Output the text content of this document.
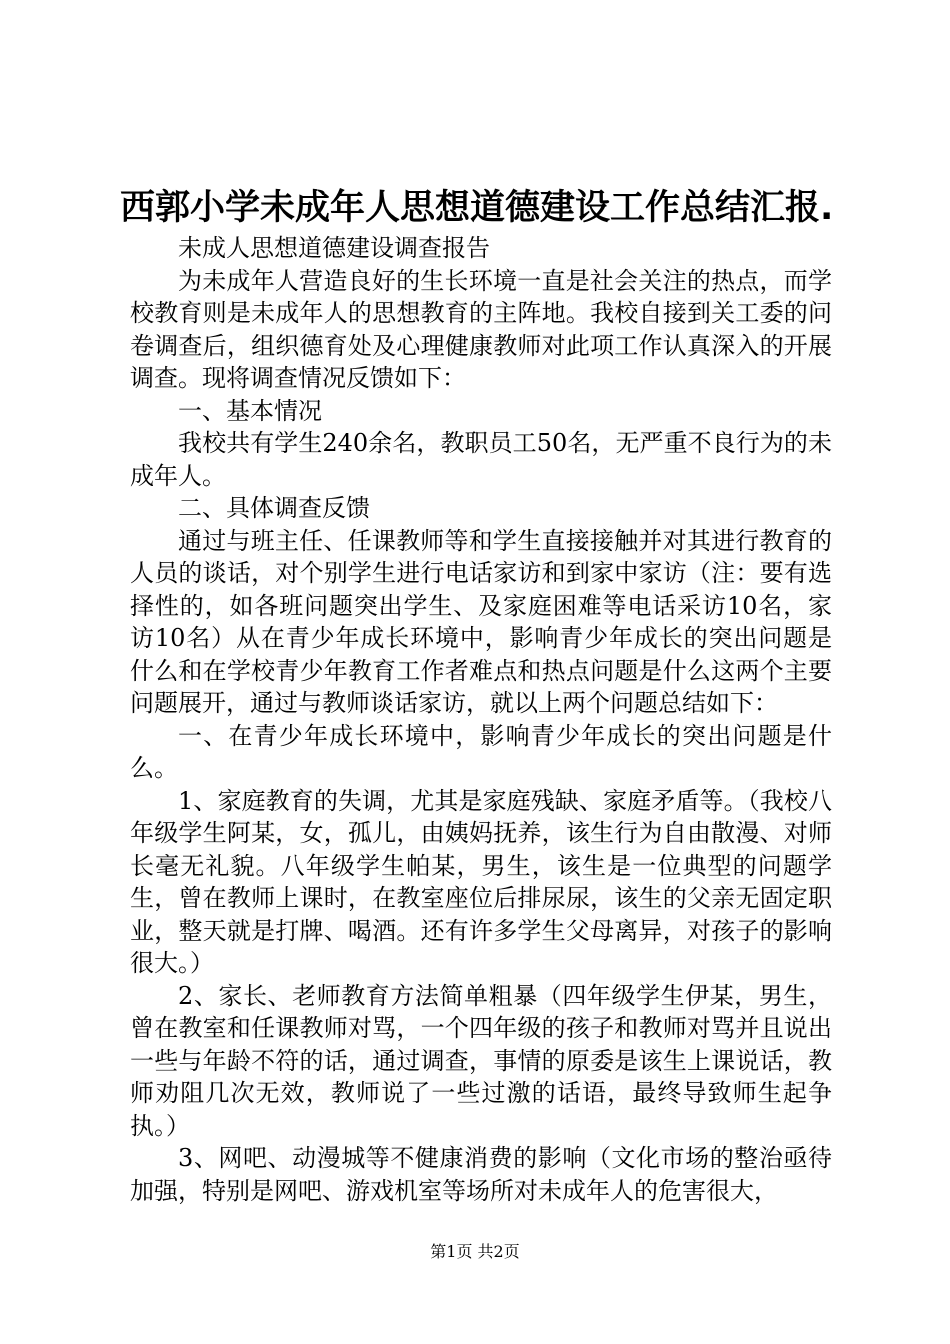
西郭小学未成年人思想道德建设工作总结汇报.

未成人思想道德建设调查报告

为未成年人营造良好的生长环境一直是社会关注的热点，而学校教育则是未成年人的思想教育的主阵地。我校自接到关工委的问卷调查后，组织德育处及心理健康教师对此项工作认真深入的开展调查。现将调查情况反馈如下：

一、基本情况

我校共有学生240余名，教职员工50名，无严重不良行为的未成年人。

二、具体调查反馈

通过与班主任、任课教师等和学生直接接触并对其进行教育的人员的谈话，对个别学生进行电话家访和到家中家访（注：要有选择性的，如各班问题突出学生、及家庭困难等电话采访10名，家访10名）从在青少年成长环境中，影响青少年成长的突出问题是什么和在学校青少年教育工作者难点和热点问题是什么这两个主要问题展开，通过与教师谈话家访，就以上两个问题总结如下：

一、在青少年成长环境中，影响青少年成长的突出问题是什么。

1、家庭教育的失调，尤其是家庭残缺、家庭矛盾等。（我校八年级学生阿某，女，孤儿，由姨妈抚养，该生行为自由散漫、对师长毫无礼貌。八年级学生帕某，男生，该生是一位典型的问题学生，曾在教师上课时，在教室座位后排尿尿，该生的父亲无固定职业，整天就是打牌、喝酒。还有许多学生父母离异，对孩子的影响很大。）

2、家长、老师教育方法简单粗暴（四年级学生伊某，男生，曾在教室和任课教师对骂，一个四年级的孩子和教师对骂并且说出一些与年龄不符的话，通过调查，事情的原委是该生上课说话，教师劝阻几次无效，教师说了一些过激的话语，最终导致师生起争执。）

3、网吧、动漫城等不健康消费的影响（文化市场的整治亟待加强，特别是网吧、游戏机室等场所对未成年人的危害很大，

第1页 共2页
